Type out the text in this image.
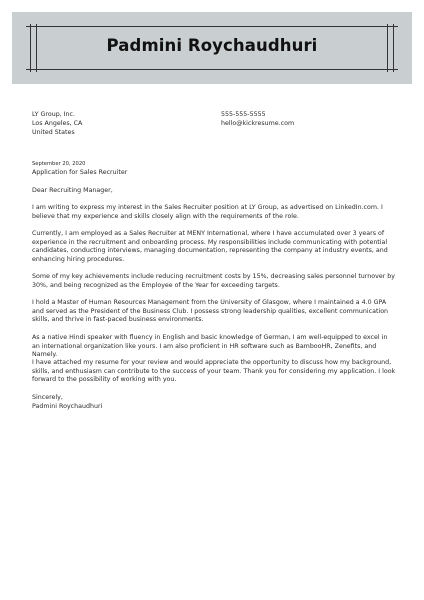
Padmini Roychaudhuri
LY Group, Inc.
Los Angeles, CA
United States
555-555-5555
hello@kickresume.com
September 20, 2020
Application for Sales Recruiter
Dear Recruiting Manager,

I am writing to express my interest in the Sales Recruiter position at LY Group, as advertised on LinkedIn.com. I believe that my experience and skills closely align with the requirements of the role.

Currently, I am employed as a Sales Recruiter at MENY International, where I have accumulated over 3 years of experience in the recruitment and onboarding process. My responsibilities include communicating with potential candidates, conducting interviews, managing documentation, representing the company at industry events, and enhancing hiring procedures.

Some of my key achievements include reducing recruitment costs by 15%, decreasing sales personnel turnover by 30%, and being recognized as the Employee of the Year for exceeding targets.

I hold a Master of Human Resources Management from the University of Glasgow, where I maintained a 4.0 GPA and served as the President of the Business Club. I possess strong leadership qualities, excellent communication skills, and thrive in fast-paced business environments.

As a native Hindi speaker with fluency in English and basic knowledge of German, I am well-equipped to excel in an international organization like yours. I am also proficient in HR software such as BambooHR, Zenefits, and Namely.

I have attached my resume for your review and would appreciate the opportunity to discuss how my background, skills, and enthusiasm can contribute to the success of your team. Thank you for considering my application. I look forward to the possibility of working with you.

Sincerely,
Padmini Roychaudhuri
